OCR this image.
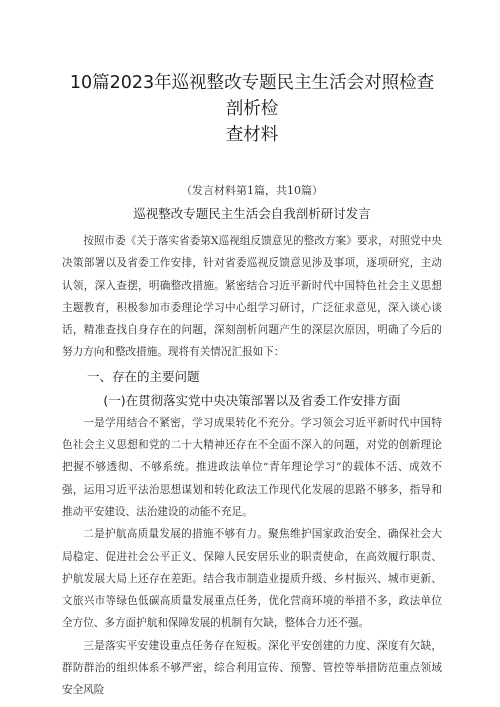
10篇2023年巡视整改专题民主生活会对照检查剖析检
查材料

（发言材料第1篇，共10篇）

巡视整改专题民主生活会自我剖析研讨发言

按照市委《关于落实省委第X巡视组反馈意见的整改方案》要求，对照党中央决策部署以及省委工作安排，针对省委巡视反馈意见涉及事项，逐项研究，主动认领，深入查摆，明确整改措施。紧密结合习近平新时代中国特色社会主义思想主题教育，积极参加市委理论学习中心组学习研讨，广泛征求意见，深入谈心谈话，精准查找自身存在的问题，深刻剖析问题产生的深层次原因，明确了今后的努力方向和整改措施。现将有关情况汇报如下：

一、存在的主要问题

(一)在贯彻落实党中央决策部署以及省委工作安排方面

一是学用结合不紧密，学习成果转化不充分。学习领会习近平新时代中国特色社会主义思想和党的二十大精神还存在不全面不深入的问题，对党的创新理论把握不够透彻、不够系统。推进政法单位“青年理论学习”的载体不活、成效不强，运用习近平法治思想谋划和转化政法工作现代化发展的思路不够多，指导和推动平安建设、法治建设的动能不充足。

二是护航高质量发展的措施不够有力。聚焦维护国家政治安全、确保社会大局稳定、促进社会公平正义、保障人民安居乐业的职责使命，在高效履行职责、护航发展大局上还存在差距。结合我市制造业提质升级、乡村振兴、城市更新、文旅兴市等绿色低碳高质量发展重点任务，优化营商环境的举措不多，政法单位全方位、多方面护航和保障发展的机制有欠缺，整体合力还不强。

三是落实平安建设重点任务存在短板。深化平安创建的力度、深度有欠缺，群防群治的组织体系不够严密，综合利用宣传、预警、管控等举措防范重点领域安全风险
